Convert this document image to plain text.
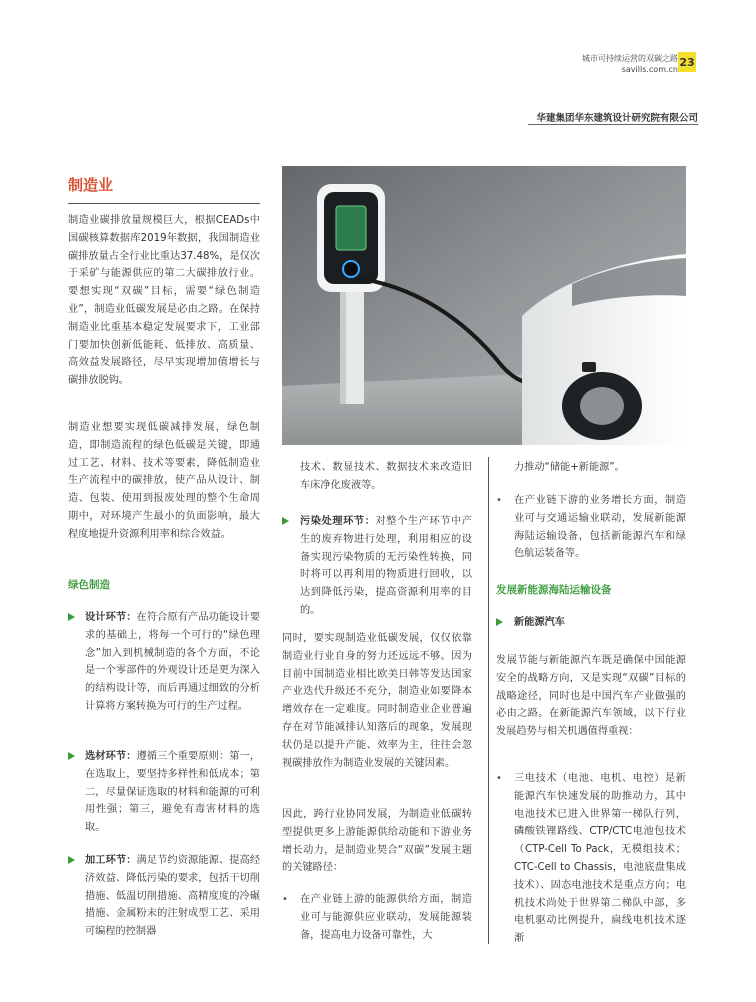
城市可持续运营的双碳之路
savills.com.cn
23
华建集团华东建筑设计研究院有限公司
制造业
制造业碳排放量规模巨大，根据CEADs中国碳核算数据库2019年数据，我国制造业碳排放量占全行业比重达37.48%，是仅次于采矿与能源供应的第二大碳排放行业。要想实现“双碳”目标，需要“绿色制造业”，制造业低碳发展是必由之路。在保持制造业比重基本稳定发展要求下，工业部门要加快创新低能耗、低排放、高质量、高效益发展路径，尽早实现增加值增长与碳排放脱钩。
制造业想要实现低碳减排发展，绿色制造，即制造流程的绿色低碳是关键，即通过工艺、材料、技术等要素，降低制造业生产流程中的碳排放，使产品从设计、制造、包装、使用到报废处理的整个生命周期中，对环境产生最小的负面影响，最大程度地提升资源利用率和综合效益。
绿色制造
设计环节：在符合原有产品功能设计要求的基础上，将每一个可行的“绿色理念”加入到机械制造的各个方面，不论是一个零部件的外观设计还是更为深入的结构设计等，而后再通过细致的分析计算将方案转换为可行的生产过程。
选材环节：遵循三个重要原则：第一，在选取上，要坚持多样性和低成本；第二，尽量保证选取的材料和能源的可利用性强；第三，避免有毒害材料的选取。
加工环节：满足节约资源能源、提高经济效益、降低污染的要求，包括干切削措施、低温切削措施、高精度度的冷碾措施、金属粉末的注射成型工艺、采用可编程的控制器
技术、数显技术、数据技术来改造旧车床净化废液等。
污染处理环节：对整个生产环节中产生的废弃物进行处理，利用相应的设备实现污染物质的无污染性转换，同时将可以再利用的物质进行回收，以达到降低污染，提高资源利用率的目的。
同时，要实现制造业低碳发展，仅仅依靠制造业行业自身的努力还远远不够。因为目前中国制造业相比欧美日韩等发达国家产业迭代升级还不充分，制造业如要降本增效存在一定难度。同时制造业企业普遍存在对节能减排认知落后的现象，发展现状仍是以提升产能、效率为主，往往会忽视碳排放作为制造业发展的关键因素。
因此，跨行业协同发展，为制造业低碳转型提供更多上游能源供给动能和下游业务增长动力，是制造业契合“双碳”发展主题的关键路径：
• 在产业链上游的能源供给方面，制造业可与能源供应业联动，发展能源装备，提高电力设备可靠性，大
力推动“储能+新能源”。
• 在产业链下游的业务增长方面，制造业可与交通运输业联动，发展新能源海陆运输设备，包括新能源汽车和绿色航运装备等。
发展新能源海陆运输设备
新能源汽车
发展节能与新能源汽车既是确保中国能源安全的战略方向，又是实现“双碳”目标的战略途径，同时也是中国汽车产业做强的必由之路。在新能源汽车领域，以下行业发展趋势与相关机遇值得重视：
• 三电技术（电池、电机、电控）是新能源汽车快速发展的助推动力，其中电池技术已进入世界第一梯队行列，磷酸铁锂路线、CTP/CTC电池包技术（CTP-Cell To Pack，无模组技术；CTC-Cell to Chassis，电池底盘集成技术）、固态电池技术是重点方向；电机技术尚处于世界第二梯队中部，多电机驱动比例提升，扁线电机技术逐渐
